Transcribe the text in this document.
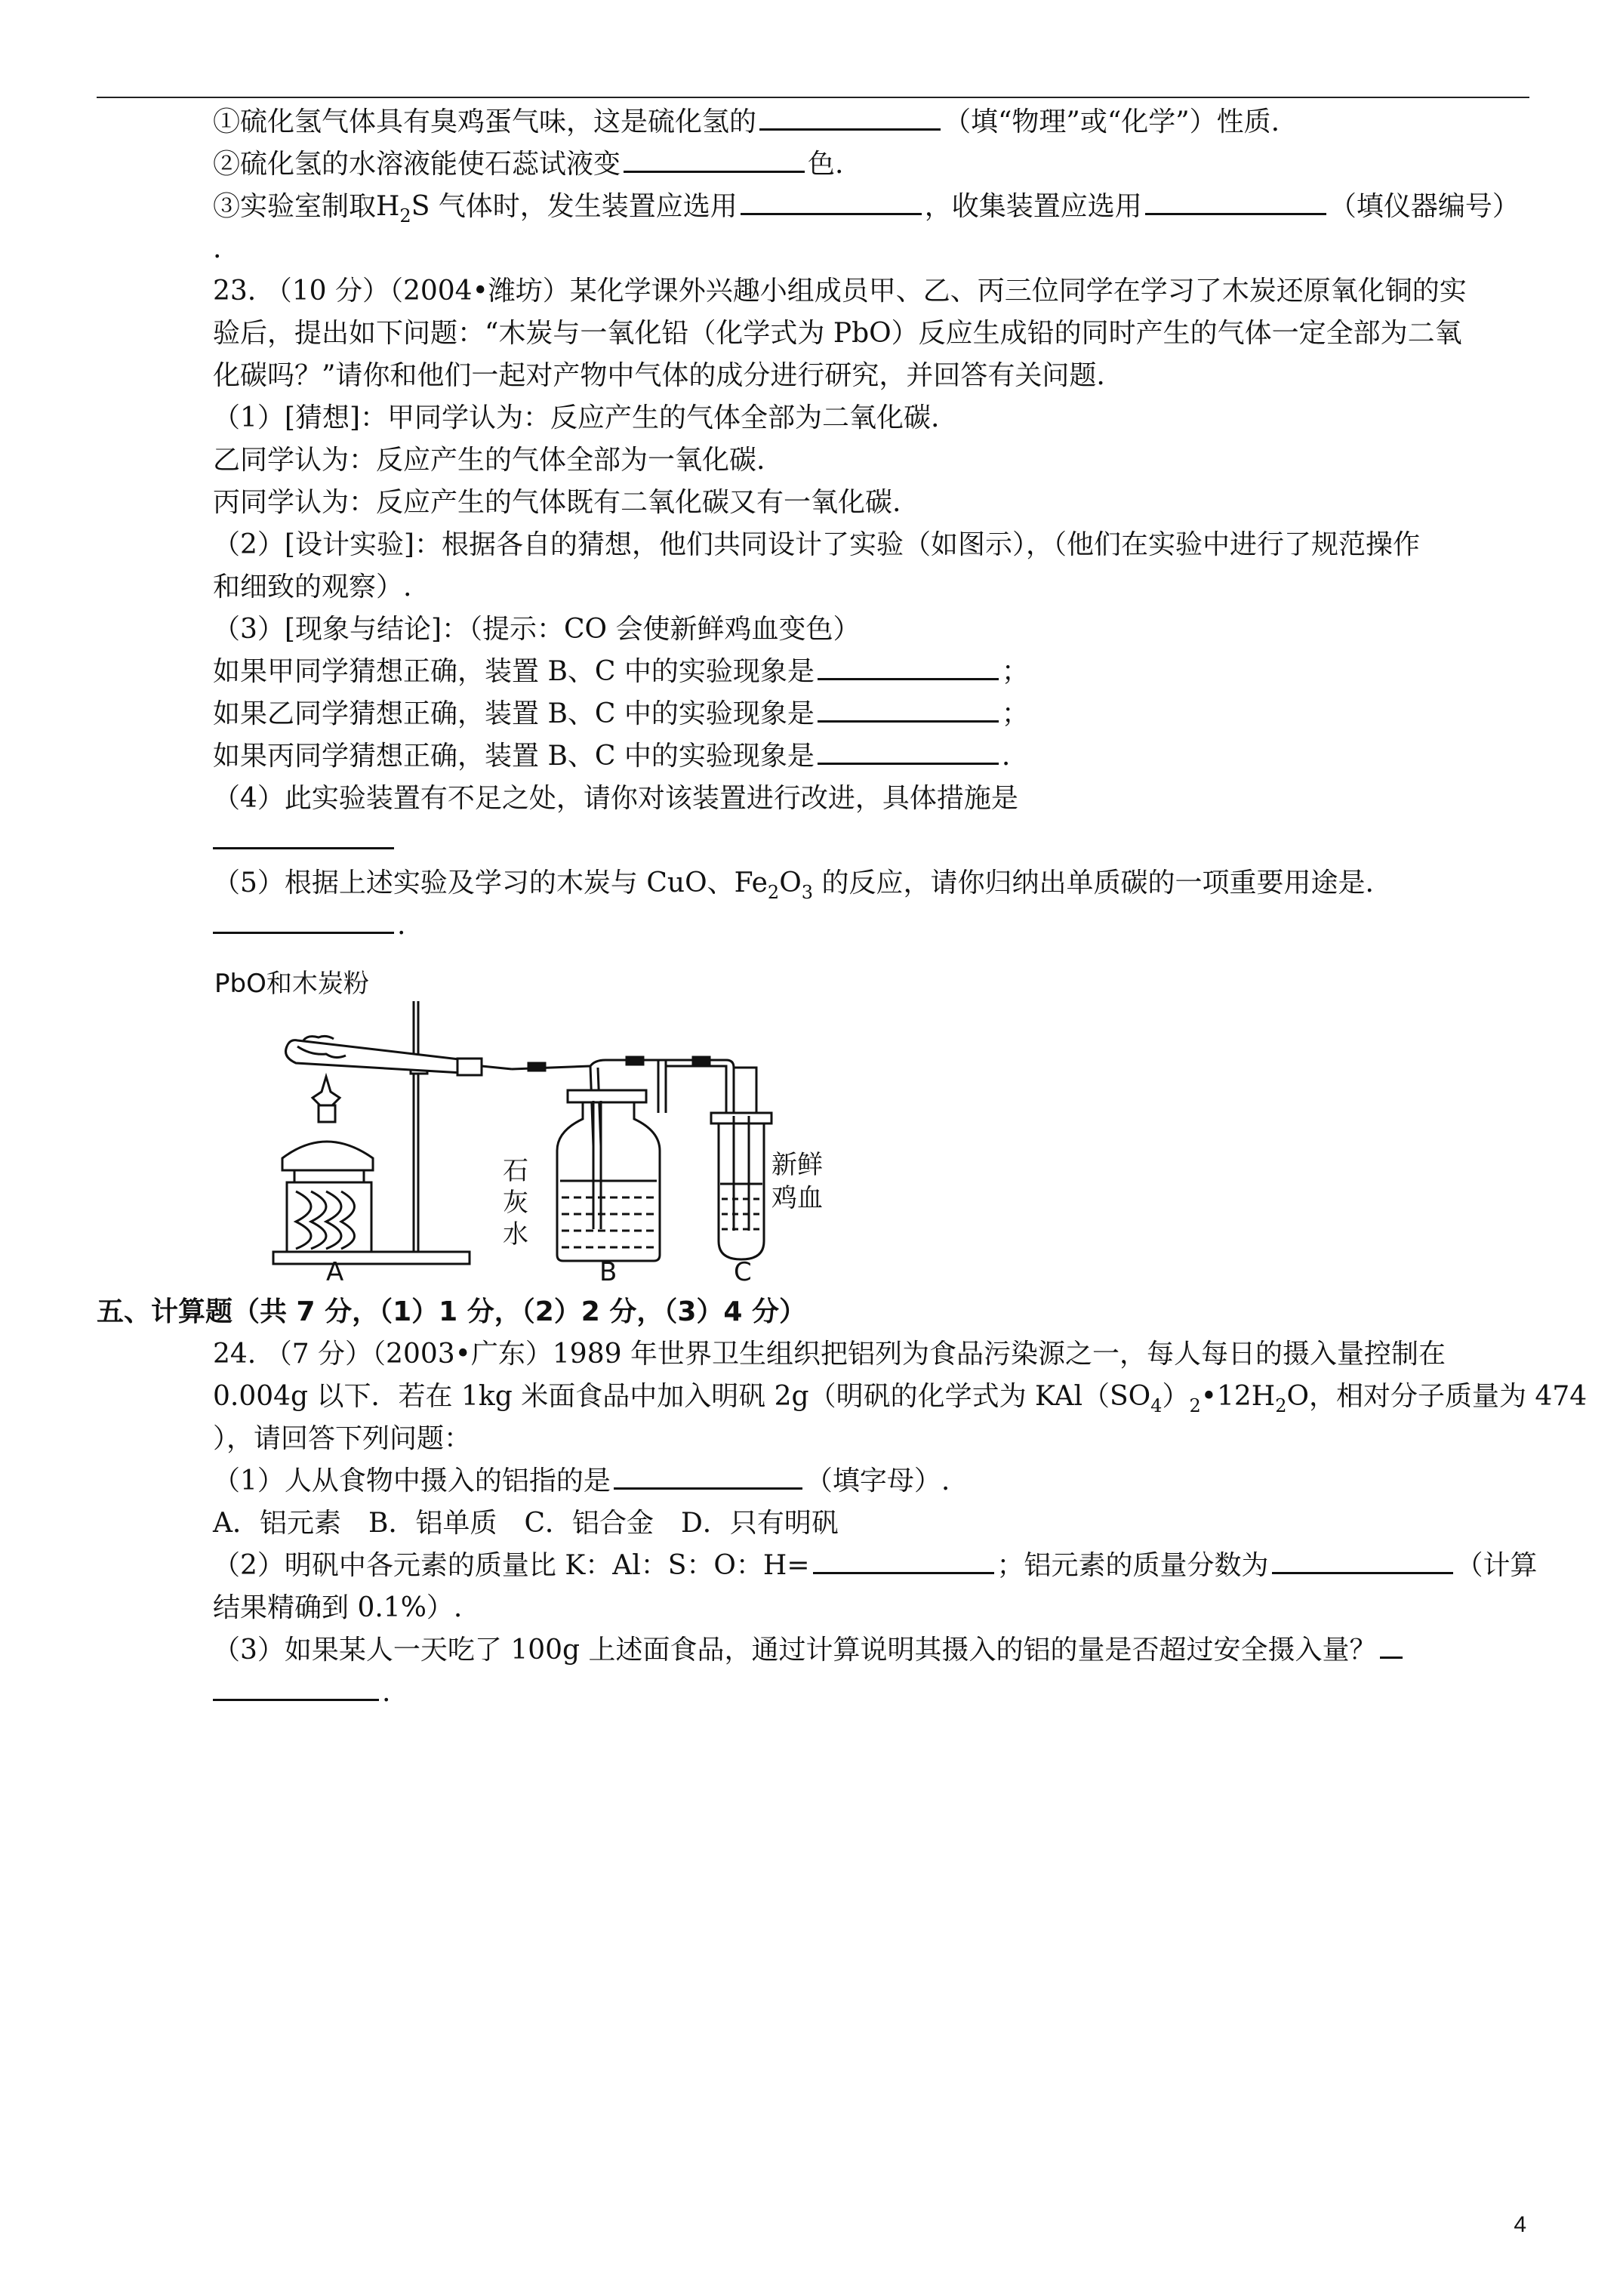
①硫化氢气体具有臭鸡蛋气味，这是硫化氢的	（填“物理”或“化学”）性质.
②硫化氢的水溶液能使石蕊试液变	色.
③实验室制取$H_2S$ 气体时，发生装置应选用	，收集装置应选用	（填仪器编号）
.
23. （10 分）（2004•潍坊）某化学课外兴趣小组成员甲、乙、丙三位同学在学习了木炭还原氧化铜的实
验后，提出如下问题：“木炭与一氧化铅（化学式为 PbO）反应生成铅的同时产生的气体一定全部为二氧
化碳吗？”请你和他们一起对产物中气体的成分进行研究，并回答有关问题.
（1）[猜想]：甲同学认为：反应产生的气体全部为二氧化碳.
乙同学认为：反应产生的气体全部为一氧化碳.
丙同学认为：反应产生的气体既有二氧化碳又有一氧化碳.
（2）[设计实验]：根据各自的猜想，他们共同设计了实验（如图示），（他们在实验中进行了规范操作
和细致的观察）.
（3）[现象与结论]：（提示：CO 会使新鲜鸡血变色）
如果甲同学猜想正确，装置 B、C 中的实验现象是	；
如果乙同学猜想正确，装置 B、C 中的实验现象是	；
如果丙同学猜想正确，装置 B、C 中的实验现象是	.
（4）此实验装置有不足之处，请你对该装置进行改进，具体措施是
（5）根据上述实验及学习的木炭与 CuO、$Fe_2O_3$ 的反应，请你归纳出单质碳的一项重要用途是.
.
PbO和木炭粉
石
灰
水
新鲜
鸡血
A	B	C
五、计算题（共 7 分，（1）1 分，（2）2 分，（3）4 分）
24. （7 分）（2003•广东）1989 年世界卫生组织把铝列为食品污染源之一，每人每日的摄入量控制在
0.004g 以下．若在 1kg 米面食品中加入明矾 2g（明矾的化学式为 $KAl(SO_4)_2•12H_2O$，相对分子质量为 474
），请回答下列问题：
（1）人从食物中摄入的铝指的是	（填字母）.
A．铝元素　B．铝单质　C．铝合金　D．只有明矾
（2）明矾中各元素的质量比 K：Al：S：O：H=	；铝元素的质量分数为	（计算
结果精确到 0.1%）.
（3）如果某人一天吃了 100g 上述面食品，通过计算说明其摄入的铝的量是否超过安全摄入量？
.
4
